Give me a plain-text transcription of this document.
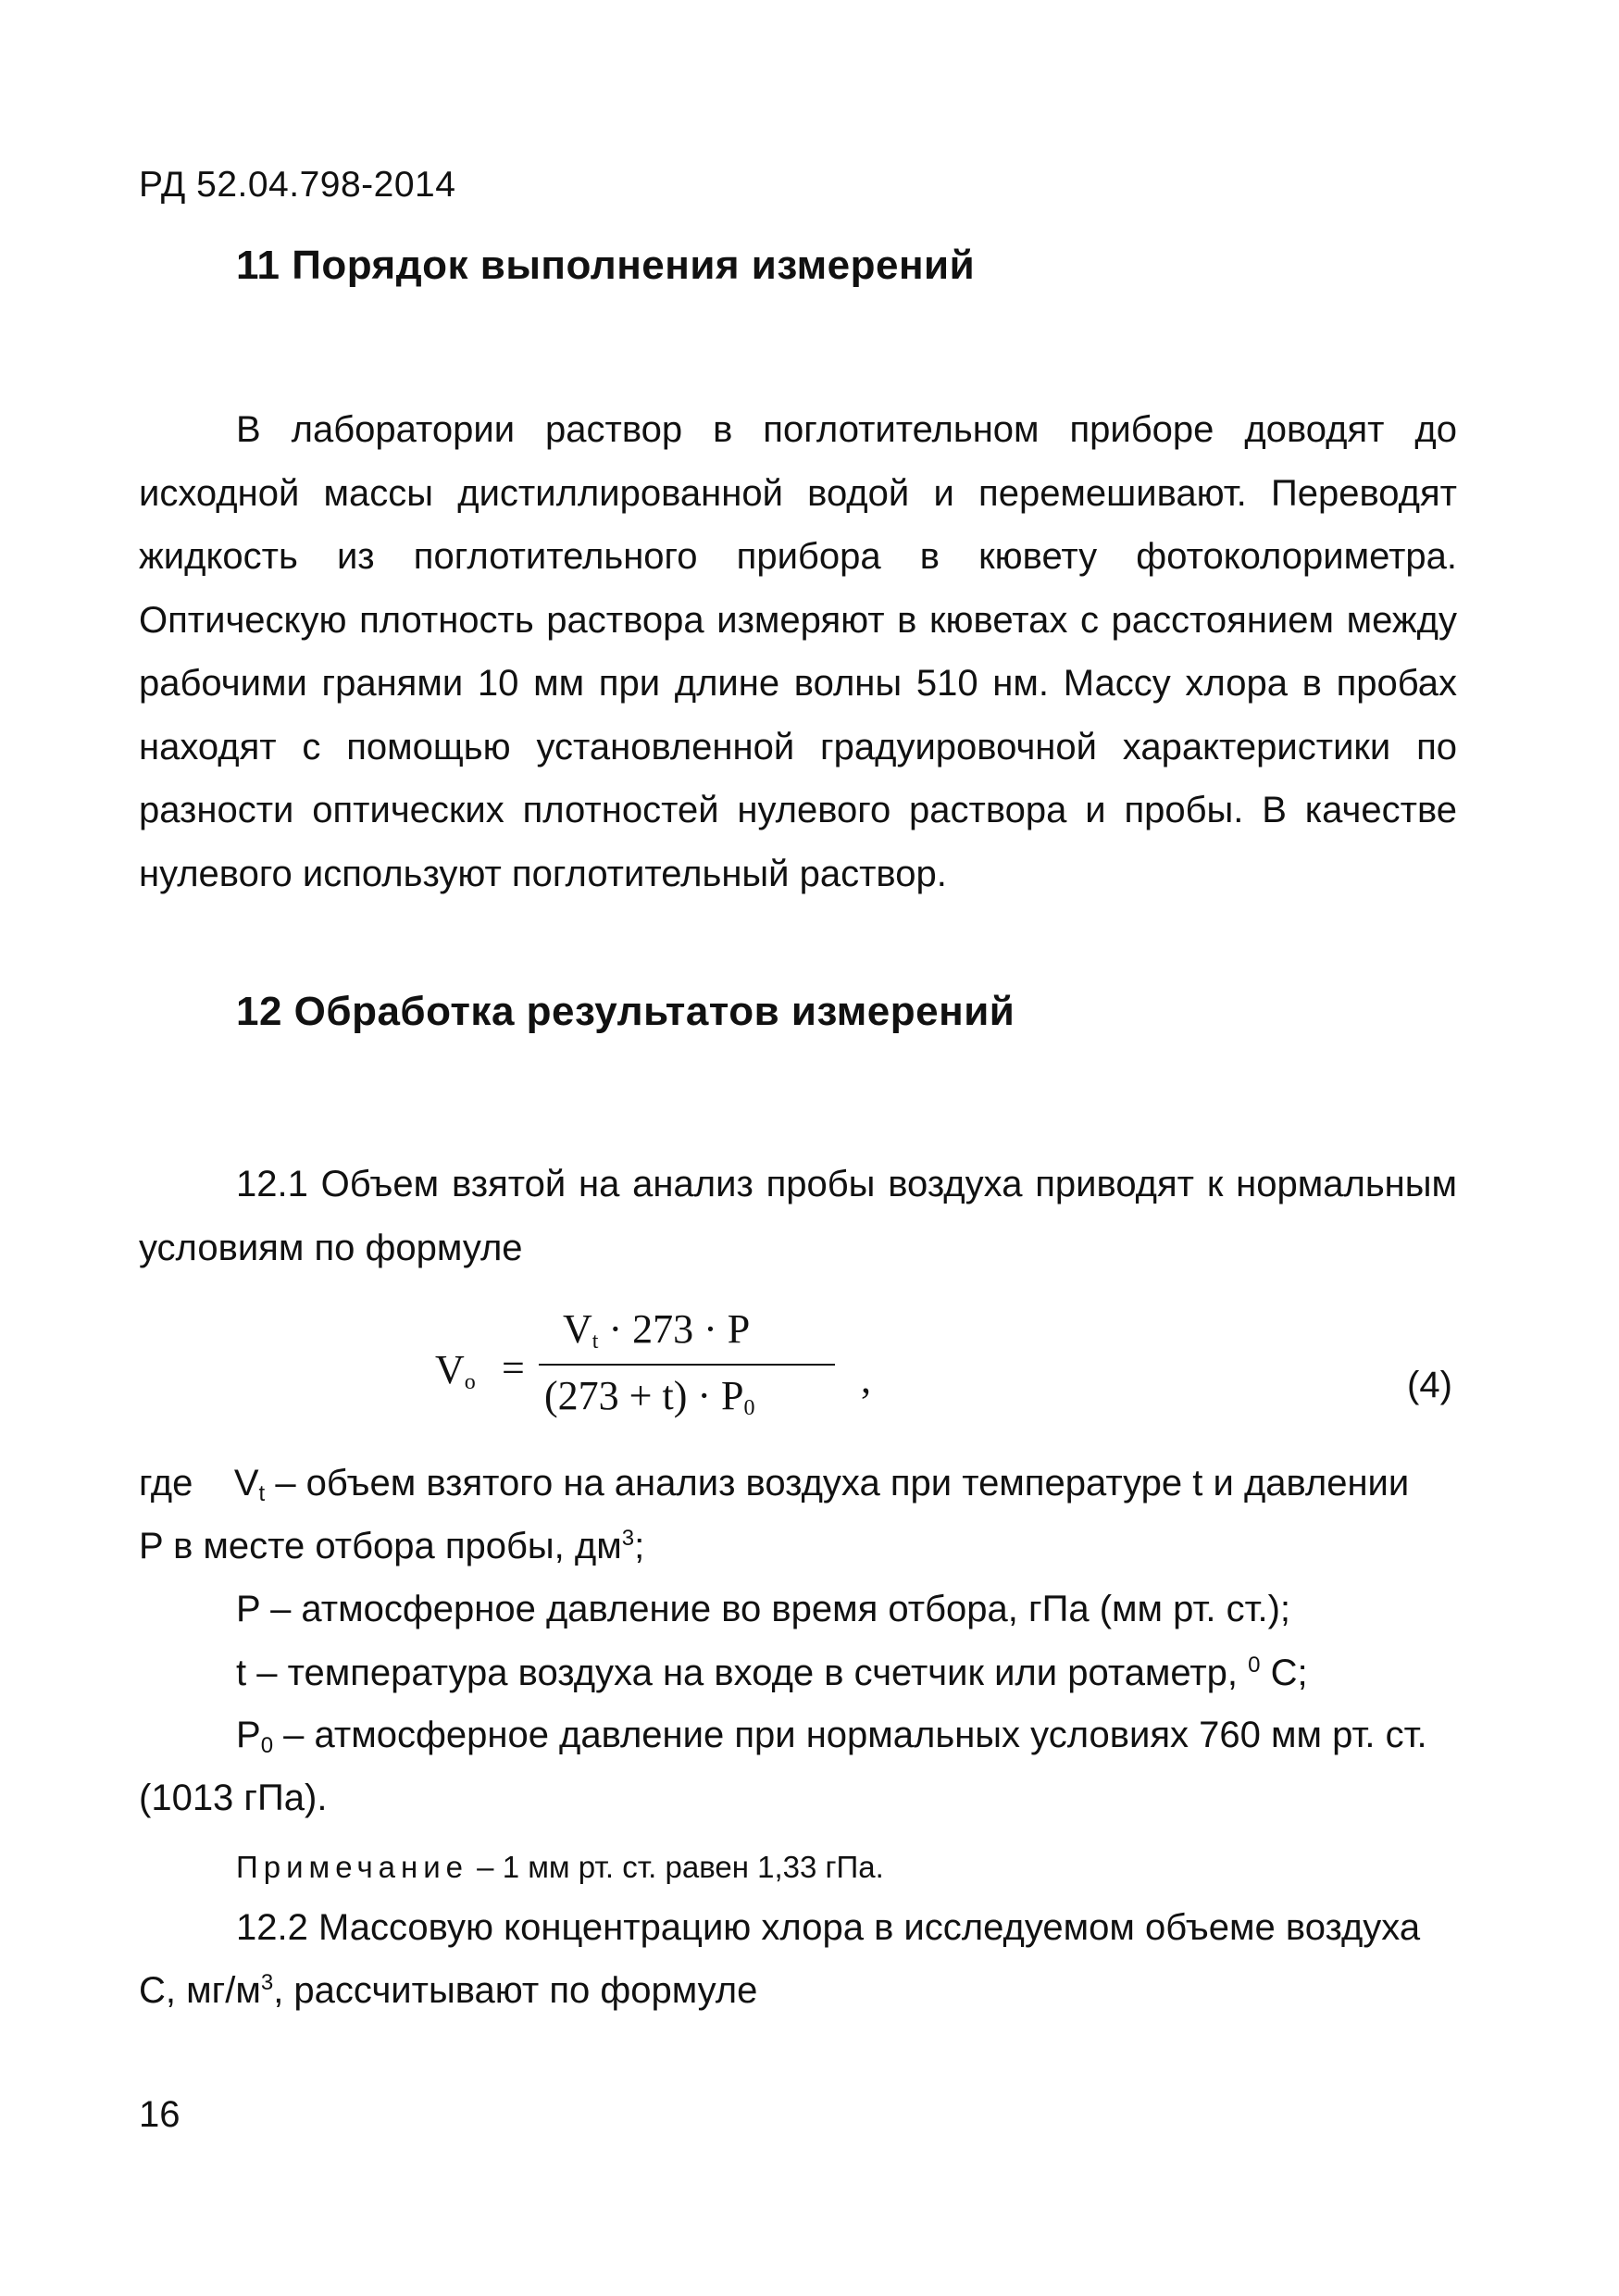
РД 52.04.798-2014
11 Порядок выполнения измерений

В лаборатории раствор в поглотительном приборе доводят до исходной массы дистиллированной водой и перемешивают. Переводят жидкость из поглотительного прибора в кювету фотоколориметра. Оптическую плотность раствора измеряют в кюветах с расстоянием между рабочими гранями 10 мм при длине волны 510 нм. Массу хлора в пробах находят с помощью установленной градуировочной характеристики по разности оптических плотностей нулевого раствора и пробы. В качестве нулевого используют поглотительный раствор.

12 Обработка результатов измерений

12.1 Объем взятой на анализ пробы воздуха приводят к нормальным условиям по формуле

$V_o$ =
$V_t \cdot 273 \cdot P$
$(273 + t) \cdot P_0$
,	(4)
где $V_t$ – объем взятого на анализ воздуха при температуре t и давлении
P в месте отбора пробы, $дм^3$;
P – атмосферное давление во время отбора, гПа (мм рт. ст.);
t – температура воздуха на входе в счетчик или ротаметр, $^0$ С;
$P_0$ – атмосферное давление при нормальных условиях 760 мм рт. ст.
(1013 гПа).
Примечание – 1 мм рт. ст. равен 1,33 гПа.
12.2 Массовую концентрацию хлора в исследуемом объеме воздуха
С, $мг/м^3$, рассчитывают по формуле
16
